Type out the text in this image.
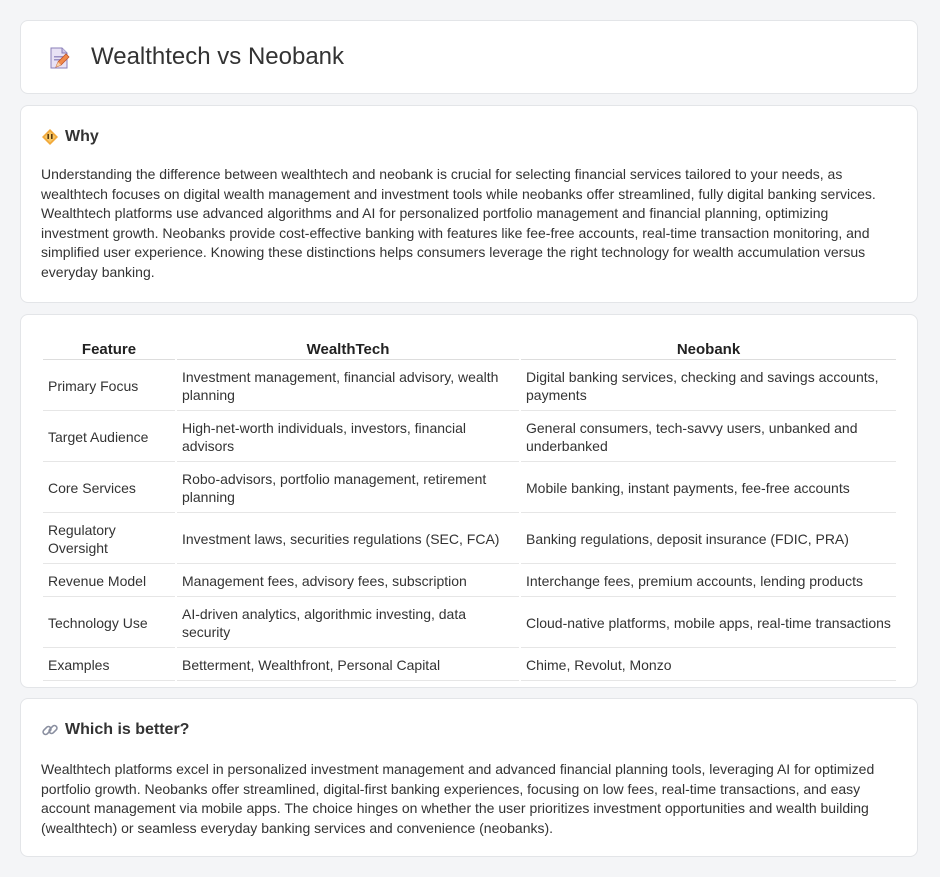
Wealthtech vs Neobank
Why

Understanding the difference between wealthtech and neobank is crucial for selecting financial services tailored to your needs, as wealthtech focuses on digital wealth management and investment tools while neobanks offer streamlined, fully digital banking services. Wealthtech platforms use advanced algorithms and AI for personalized portfolio management and financial planning, optimizing investment growth. Neobanks provide cost-effective banking with features like fee-free accounts, real-time transaction monitoring, and simplified user experience. Knowing these distinctions helps consumers leverage the right technology for wealth accumulation versus everyday banking.

Feature	WealthTech	Neobank
Primary Focus	Investment management, financial advisory, wealth planning	Digital banking services, checking and savings accounts, payments
Target Audience	High-net-worth individuals, investors, financial advisors	General consumers, tech-savvy users, unbanked and underbanked
Core Services	Robo-advisors, portfolio management, retirement planning	Mobile banking, instant payments, fee-free accounts
Regulatory Oversight	Investment laws, securities regulations (SEC, FCA)	Banking regulations, deposit insurance (FDIC, PRA)
Revenue Model	Management fees, advisory fees, subscription	Interchange fees, premium accounts, lending products
Technology Use	AI-driven analytics, algorithmic investing, data security	Cloud-native platforms, mobile apps, real-time transactions
Examples	Betterment, Wealthfront, Personal Capital	Chime, Revolut, Monzo
Which is better?

Wealthtech platforms excel in personalized investment management and advanced financial planning tools, leveraging AI for optimized portfolio growth. Neobanks offer streamlined, digital-first banking experiences, focusing on low fees, real-time transactions, and easy account management via mobile apps. The choice hinges on whether the user prioritizes investment opportunities and wealth building (wealthtech) or seamless everyday banking services and convenience (neobanks).
